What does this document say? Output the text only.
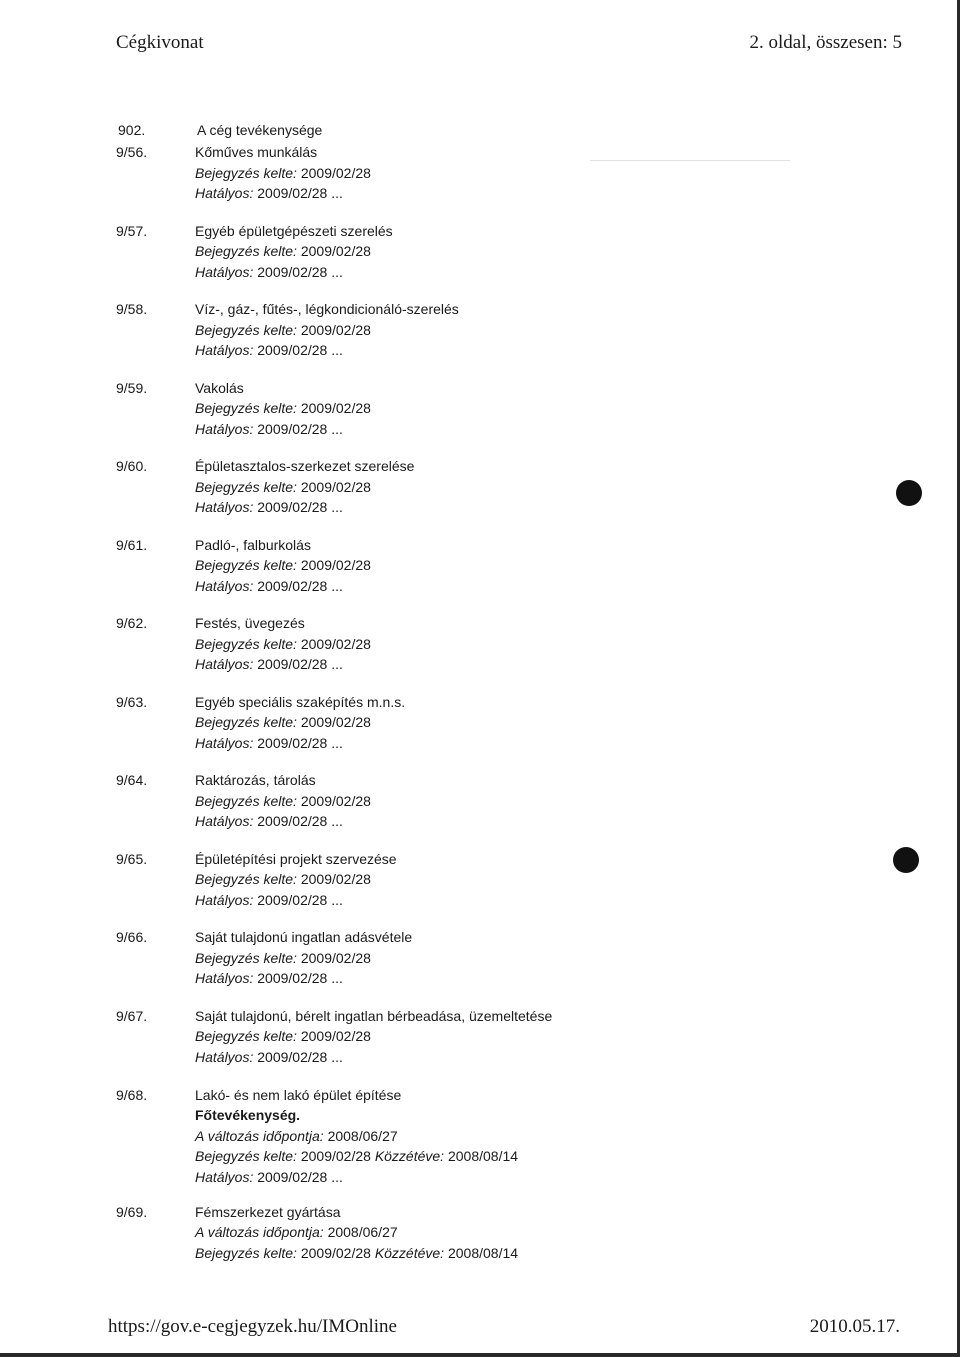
Cégkivonat	2. oldal, összesen: 5
902.	A cég tevékenysége
9/56.	Kőműves munkálás
Bejegyzés kelte: 2009/02/28
Hatályos: 2009/02/28 ...
9/57.	Egyéb épületgépészeti szerelés
Bejegyzés kelte: 2009/02/28
Hatályos: 2009/02/28 ...
9/58.	Víz-, gáz-, fűtés-, légkondicionáló-szerelés
Bejegyzés kelte: 2009/02/28
Hatályos: 2009/02/28 ...
9/59.	Vakolás
Bejegyzés kelte: 2009/02/28
Hatályos: 2009/02/28 ...
9/60.	Épületasztalos-szerkezet szerelése
Bejegyzés kelte: 2009/02/28
Hatályos: 2009/02/28 ...
9/61.	Padló-, falburkolás
Bejegyzés kelte: 2009/02/28
Hatályos: 2009/02/28 ...
9/62.	Festés, üvegezés
Bejegyzés kelte: 2009/02/28
Hatályos: 2009/02/28 ...
9/63.	Egyéb speciális szaképítés m.n.s.
Bejegyzés kelte: 2009/02/28
Hatályos: 2009/02/28 ...
9/64.	Raktározás, tárolás
Bejegyzés kelte: 2009/02/28
Hatályos: 2009/02/28 ...
9/65.	Épületépítési projekt szervezése
Bejegyzés kelte: 2009/02/28
Hatályos: 2009/02/28 ...
9/66.	Saját tulajdonú ingatlan adásvétele
Bejegyzés kelte: 2009/02/28
Hatályos: 2009/02/28 ...
9/67.	Saját tulajdonú, bérelt ingatlan bérbeadása, üzemeltetése
Bejegyzés kelte: 2009/02/28
Hatályos: 2009/02/28 ...
9/68.	Lakó- és nem lakó épület építése
Főtevékenység.
A változás időpontja: 2008/06/27
Bejegyzés kelte: 2009/02/28 Közzétéve: 2008/08/14
Hatályos: 2009/02/28 ...
9/69.	Fémszerkezet gyártása
A változás időpontja: 2008/06/27
Bejegyzés kelte: 2009/02/28 Közzétéve: 2008/08/14
https://gov.e-cegjegyzek.hu/IMOnline	2010.05.17.
